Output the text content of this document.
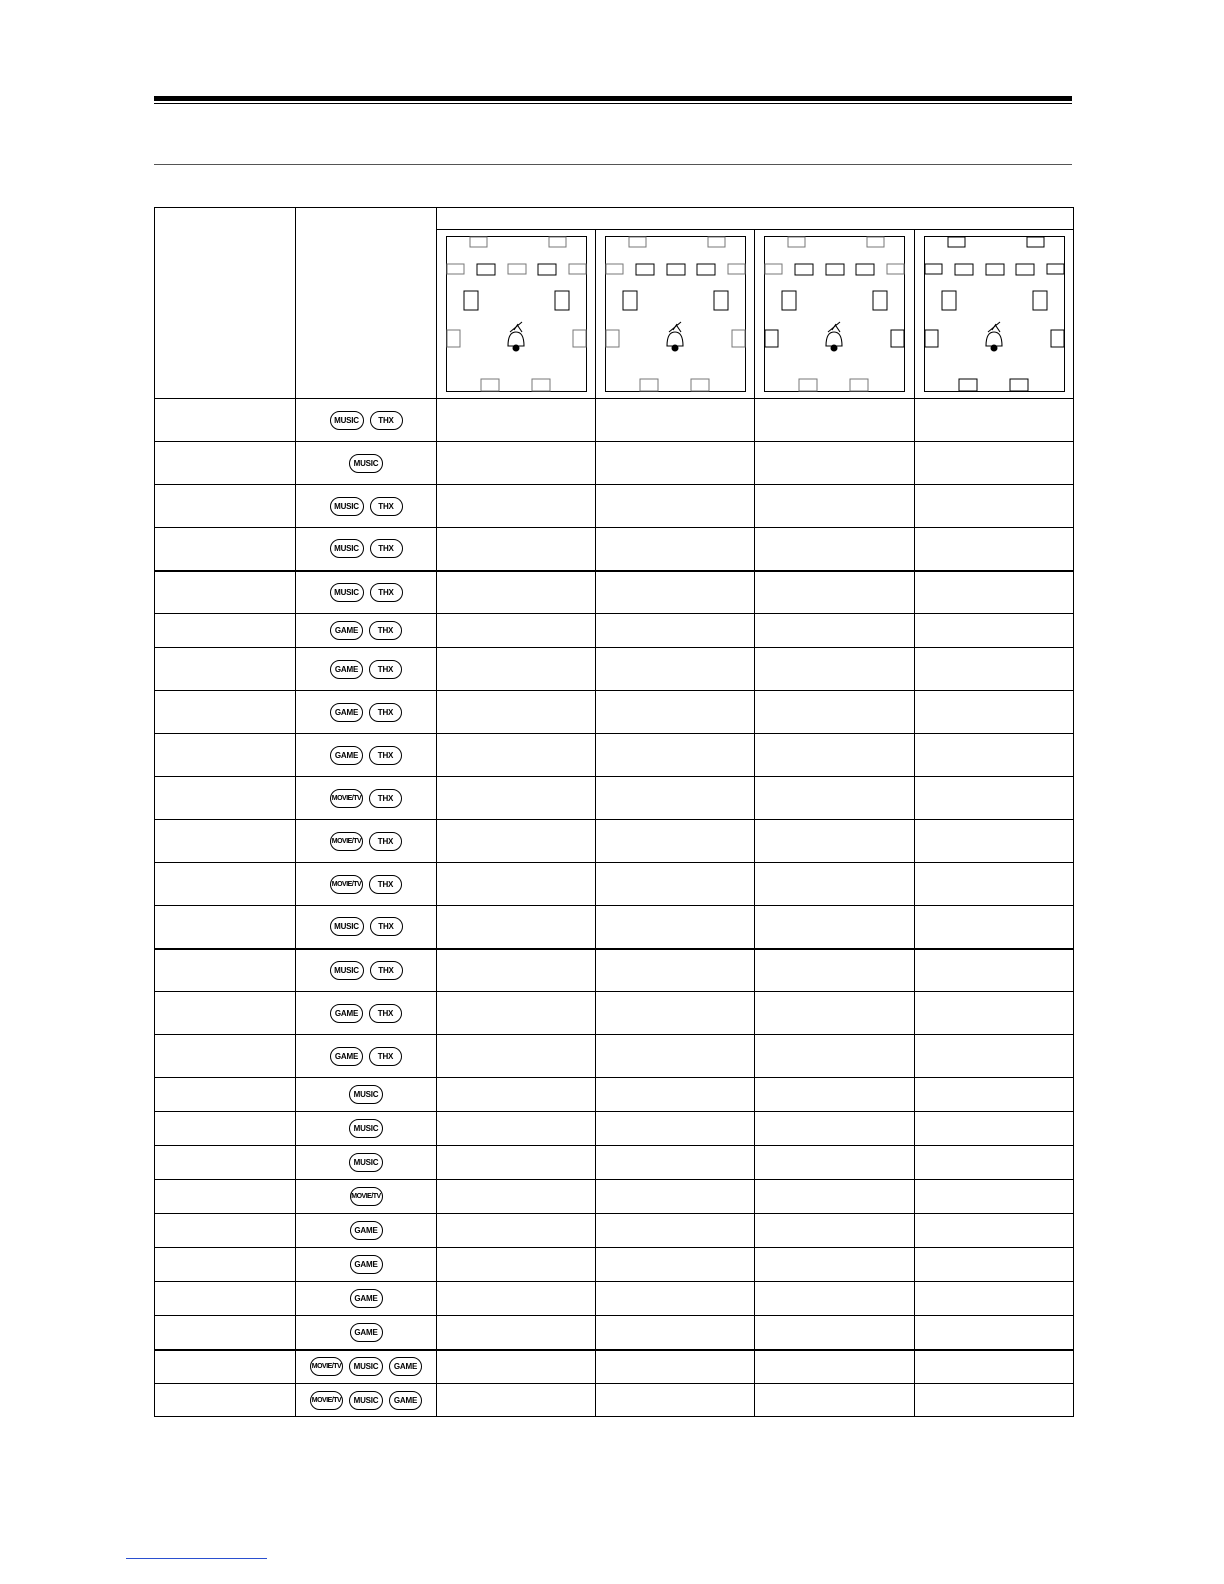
	MUSIC THX				
	MUSIC				
	MUSIC THX				
	MUSIC THX				
	MUSIC THX				
	GAME THX				
	GAME THX				
	GAME THX				
	GAME THX				
	MOVIE/TV THX				
	MOVIE/TV THX				
	MOVIE/TV THX				
	MUSIC THX				
	MUSIC THX				
	GAME THX				
	GAME THX				
	MUSIC				
	MUSIC				
	MUSIC				
	MOVIE/TV				
	GAME				
	GAME				
	GAME				
	GAME				
	MOVIE/TV MUSIC GAME				
	MOVIE/TV MUSIC GAME				
